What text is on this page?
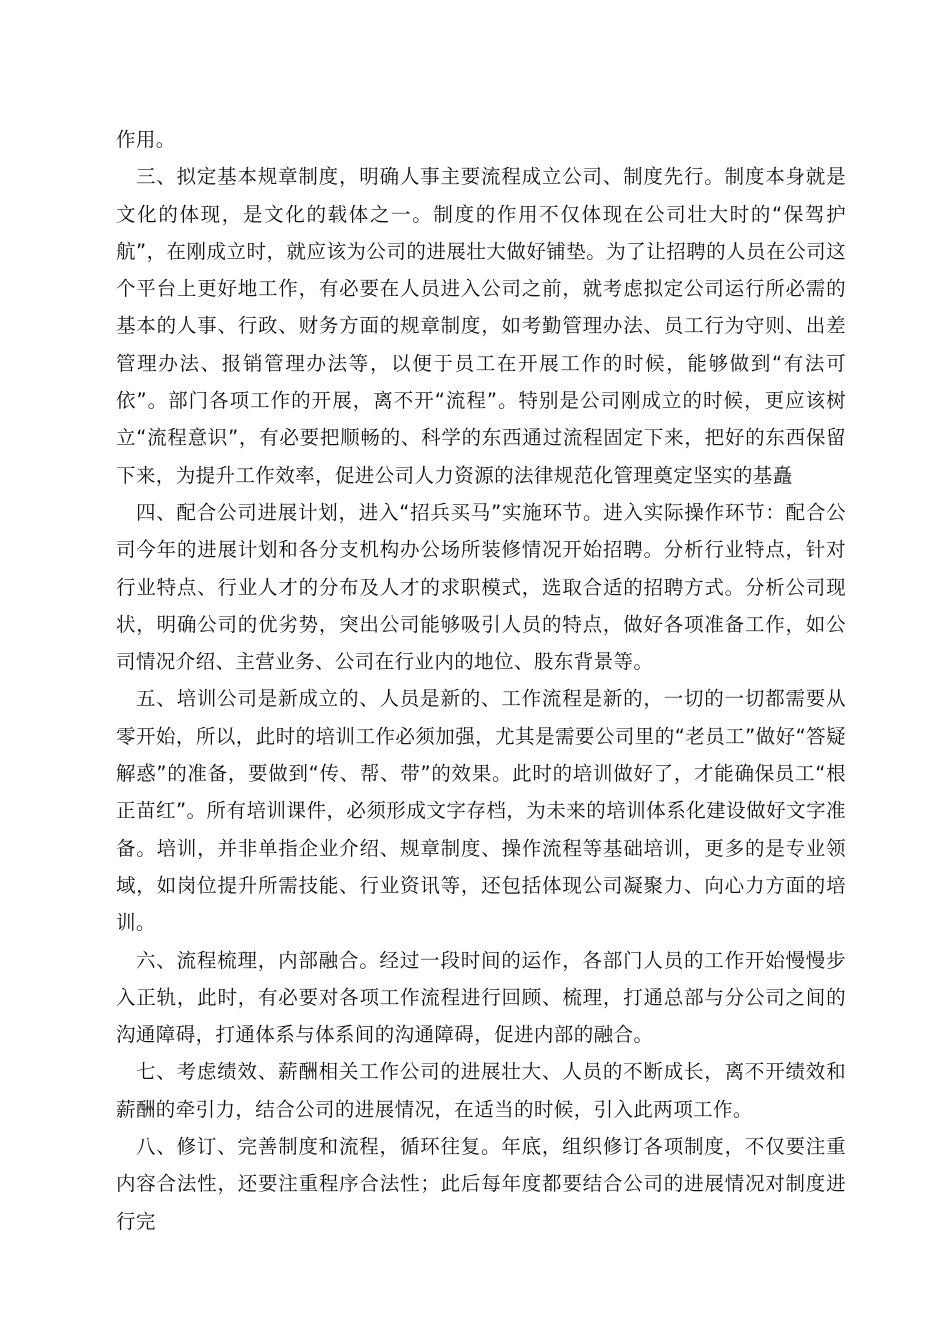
作用。

三、拟定基本规章制度，明确人事主要流程成立公司、制度先行。制度本身就是文化的体现，是文化的载体之一。制度的作用不仅体现在公司壮大时的“保驾护航”，在刚成立时，就应该为公司的进展壮大做好铺垫。为了让招聘的人员在公司这个平台上更好地工作，有必要在人员进入公司之前，就考虑拟定公司运行所必需的基本的人事、行政、财务方面的规章制度，如考勤管理办法、员工行为守则、出差管理办法、报销管理办法等，以便于员工在开展工作的时候，能够做到“有法可依”。部门各项工作的开展，离不开“流程”。特别是公司刚成立的时候，更应该树立“流程意识”，有必要把顺畅的、科学的东西通过流程固定下来，把好的东西保留下来，为提升工作效率，促进公司人力资源的法律规范化管理奠定坚实的基矗

四、配合公司进展计划，进入“招兵买马”实施环节。进入实际操作环节：配合公司今年的进展计划和各分支机构办公场所装修情况开始招聘。分析行业特点，针对行业特点、行业人才的分布及人才的求职模式，选取合适的招聘方式。分析公司现状，明确公司的优劣势，突出公司能够吸引人员的特点，做好各项准备工作，如公司情况介绍、主营业务、公司在行业内的地位、股东背景等。

五、培训公司是新成立的、人员是新的、工作流程是新的，一切的一切都需要从零开始，所以，此时的培训工作必须加强，尤其是需要公司里的“老员工”做好“答疑解惑”的准备，要做到“传、帮、带”的效果。此时的培训做好了，才能确保员工“根正苗红”。所有培训课件，必须形成文字存档，为未来的培训体系化建设做好文字准备。培训，并非单指企业介绍、规章制度、操作流程等基础培训，更多的是专业领域，如岗位提升所需技能、行业资讯等，还包括体现公司凝聚力、向心力方面的培训。

六、流程梳理，内部融合。经过一段时间的运作，各部门人员的工作开始慢慢步入正轨，此时，有必要对各项工作流程进行回顾、梳理，打通总部与分公司之间的沟通障碍，打通体系与体系间的沟通障碍，促进内部的融合。

七、考虑绩效、薪酬相关工作公司的进展壮大、人员的不断成长，离不开绩效和薪酬的牵引力，结合公司的进展情况，在适当的时候，引入此两项工作。

八、修订、完善制度和流程，循环往复。年底，组织修订各项制度，不仅要注重内容合法性，还要注重程序合法性；此后每年度都要结合公司的进展情况对制度进行完
